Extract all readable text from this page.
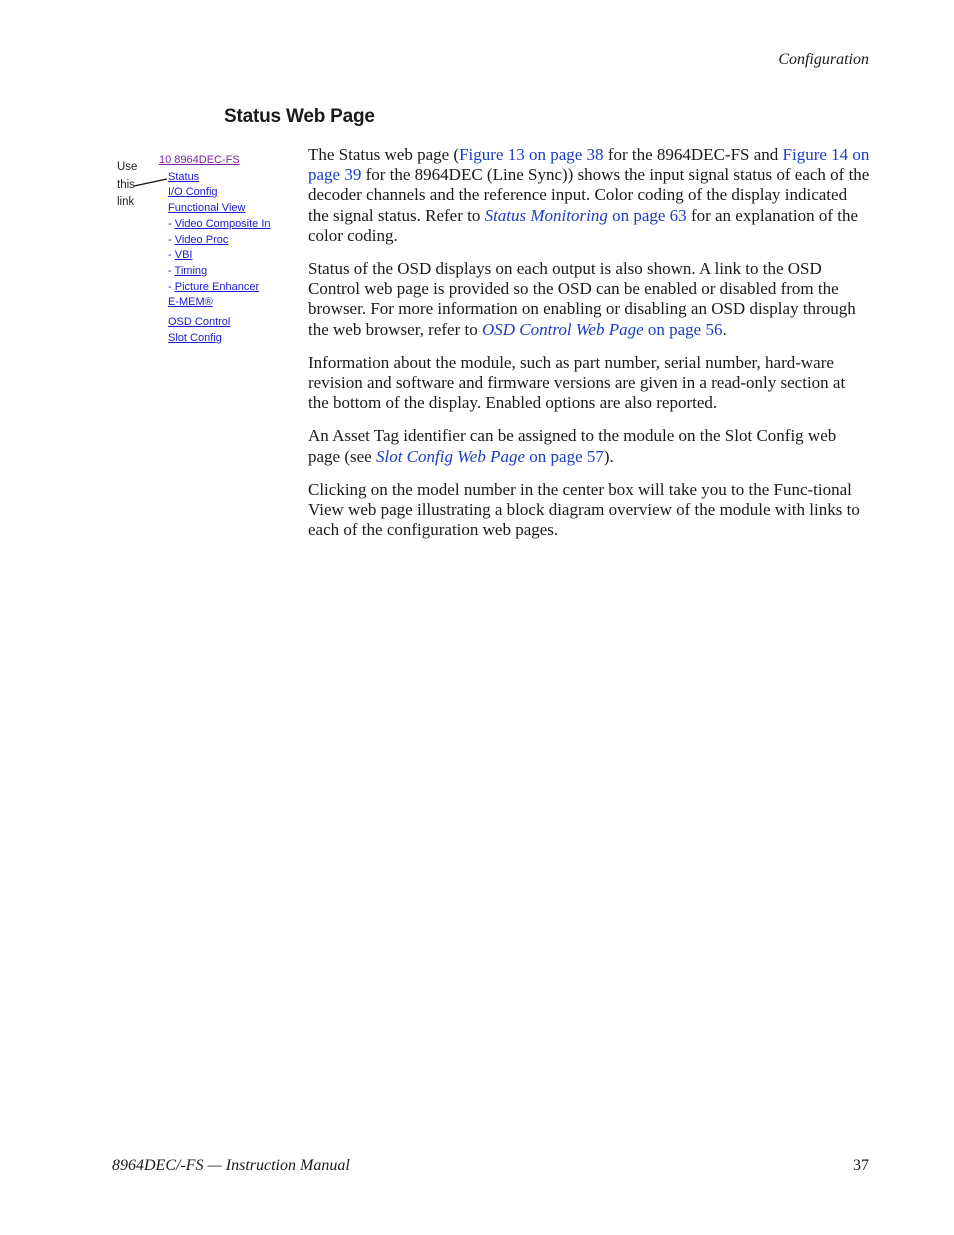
Configuration
Status Web Page
Use
this
link
10 8964DEC-FS
Status
I/O Config
Functional View
- Video Composite In
- Video Proc
- VBI
- Timing
- Picture Enhancer
E-MEM®
OSD Control
Slot Config

The Status web page (Figure 13 on page 38 for the 8964DEC-FS and Figure 14 on page 39 for the 8964DEC (Line Sync)) shows the input signal status of each of the decoder channels and the reference input. Color coding of the display indicated the signal status. Refer to Status Monitoring on page 63 for an explanation of the color coding.

Status of the OSD displays on each output is also shown. A link to the OSD Control web page is provided so the OSD can be enabled or disabled from the browser. For more information on enabling or disabling an OSD display through the web browser, refer to OSD Control Web Page on page 56.

Information about the module, such as part number, serial number, hard-ware revision and software and firmware versions are given in a read-only section at the bottom of the display. Enabled options are also reported.

An Asset Tag identifier can be assigned to the module on the Slot Config web page (see Slot Config Web Page on page 57).

Clicking on the model number in the center box will take you to the Func-tional View web page illustrating a block diagram overview of the module with links to each of the configuration web pages.

8964DEC/-FS — Instruction Manual	37
